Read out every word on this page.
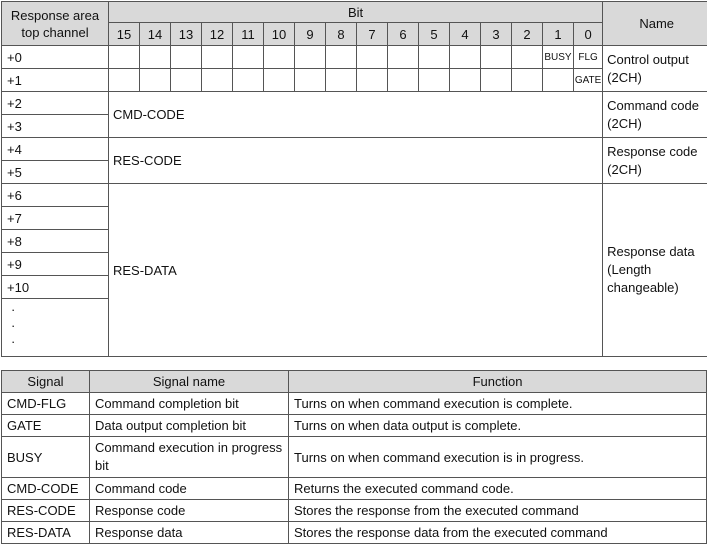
Response area top channel	Bit																Name
	15	14	13	12	11	10	9	8	7	6	5	4	3	2	1	0	
+0															BUSY	FLG	Control output (2CH)
+1																GATE	
+2	CMD-CODE																Command code (2CH)
+3																	
+4	RES-CODE																Response code (2CH)
+5																	
+6	RES-DATA																Response data (Length changeable)
+7																	
+8																	
+9																	
+10																	

·
·
·																	
Signal	Signal name	Function
CMD-FLG	Command completion bit	Turns on when command execution is complete.
GATE	Data output completion bit	Turns on when data output is complete.
BUSY	Command execution in progress bit	Turns on when command execution is in progress.
CMD-CODE	Command code	Returns the executed command code.
RES-CODE	Response code	Stores the response from the executed command
RES-DATA	Response data	Stores the response data from the executed command
